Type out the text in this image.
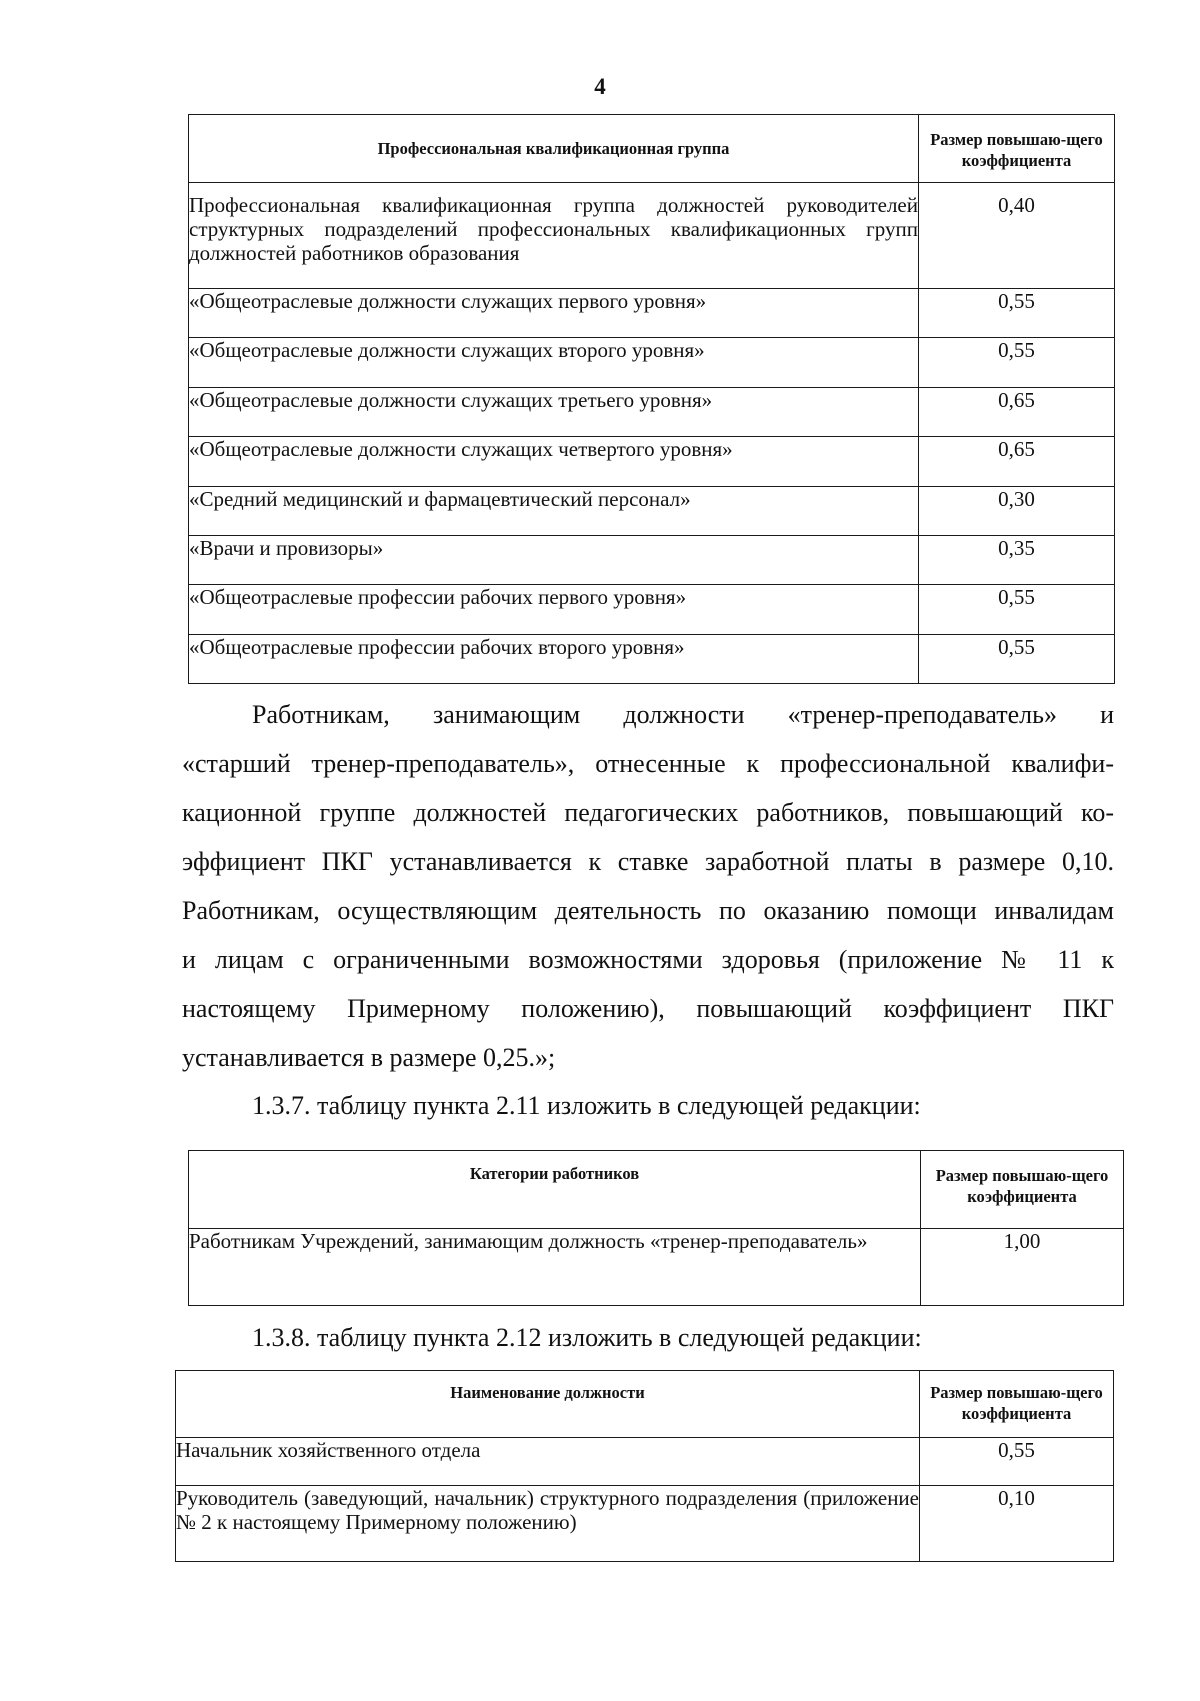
4
Профессиональная квалификационная группа	Размер повышаю-щего коэффициента
Профессиональная квалификационная группа должностей руководителей структурных подразделений профессиональных квалификационных групп должностей работников образования	0,40
«Общеотраслевые должности служащих первого уровня»	0,55
«Общеотраслевые должности служащих второго уровня»	0,55
«Общеотраслевые должности служащих третьего уровня»	0,65
«Общеотраслевые должности служащих четвертого уровня»	0,65
«Средний медицинский и фармацевтический персонал»	0,30
«Врачи и провизоры»	0,35
«Общеотраслевые профессии рабочих первого уровня»	0,55
«Общеотраслевые профессии рабочих второго уровня»	0,55

Работникам, занимающим должности «тренер-преподаватель» и

«старший тренер-преподаватель», отнесенные к профессиональной квалифи-

кационной группе должностей педагогических работников, повышающий ко-

эффициент ПКГ устанавливается к ставке заработной платы в размере 0,10.

Работникам, осуществляющим деятельность по оказанию помощи инвалидам

и лицам с ограниченными возможностями здоровья (приложение № 11 к

настоящему Примерному положению), повышающий коэффициент ПКГ

устанавливается в размере 0,25.»;

1.3.7. таблицу пункта 2.11 изложить в следующей редакции:
Категории работников	Размер повышаю-щего коэффициента
Работникам Учреждений, занимающим должность «тренер-преподаватель»	1,00
1.3.8. таблицу пункта 2.12 изложить в следующей редакции:
Наименование должности	Размер повышаю-щего коэффициента
Начальник хозяйственного отдела	0,55
Руководитель (заведующий, начальник) структурного подразделения (приложение № 2 к настоящему Примерному положению)	0,10
